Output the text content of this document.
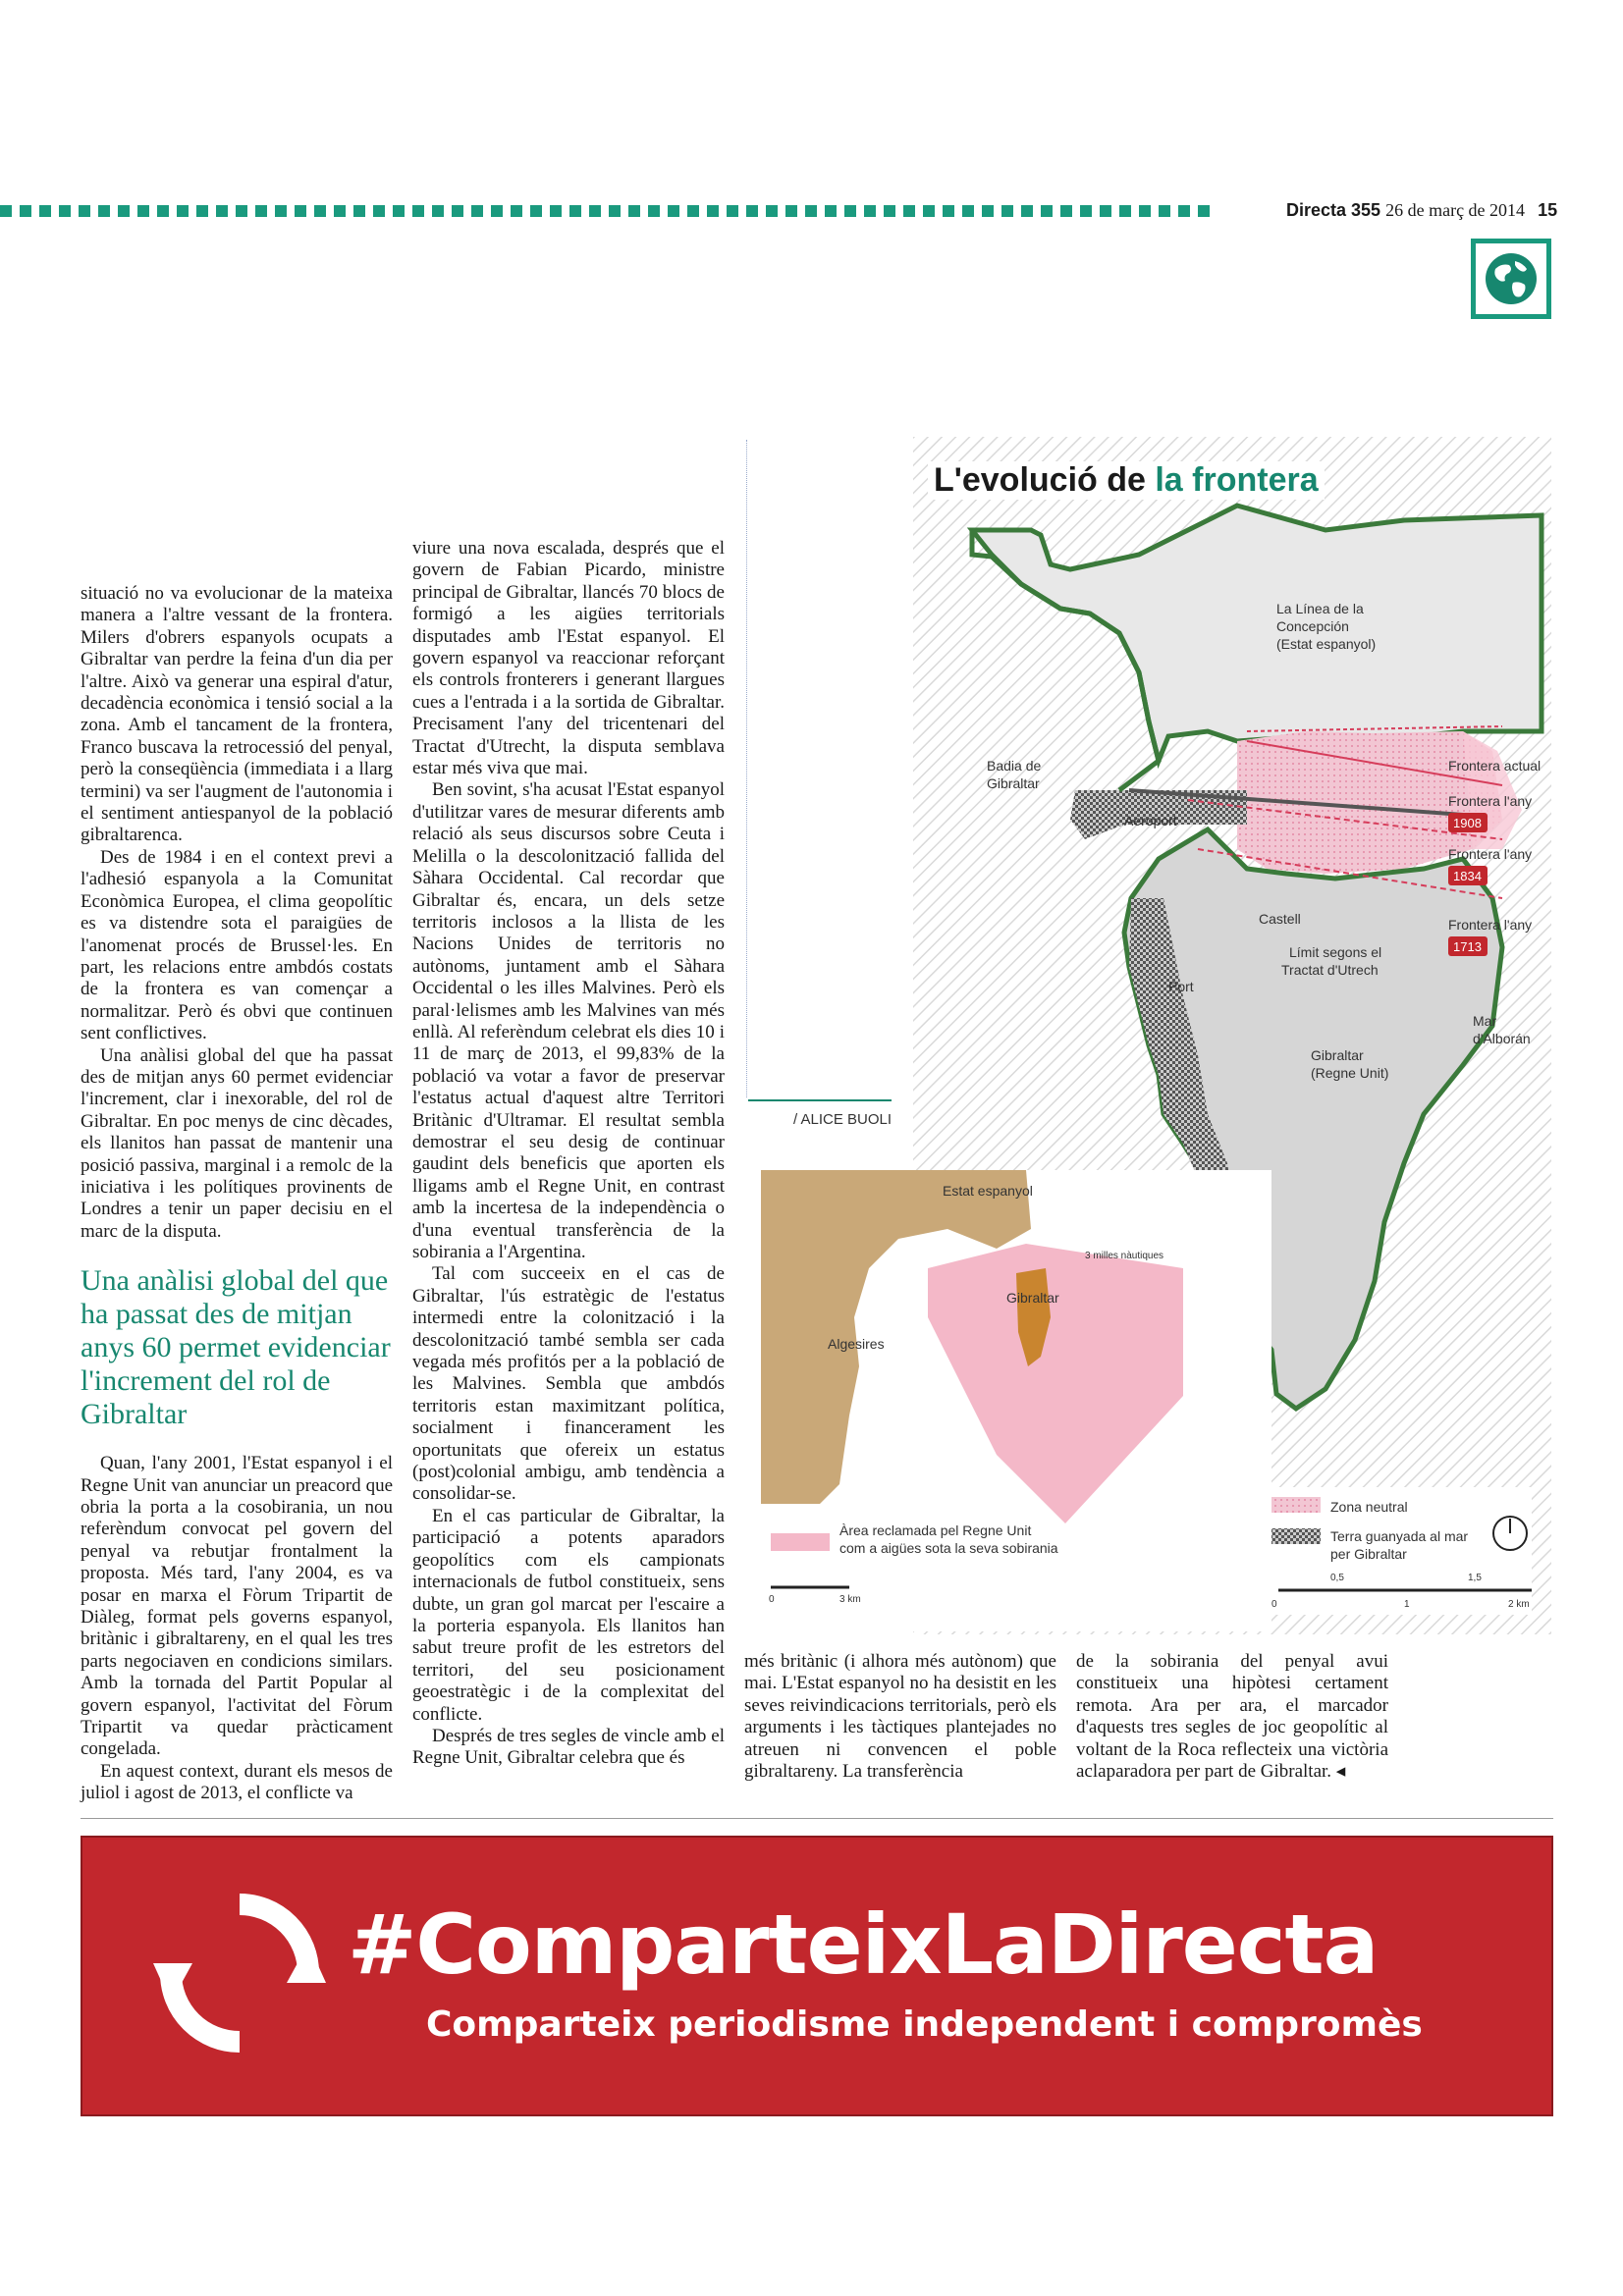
Directa 355 26 de març de 2014 15

situació no va evolucionar de la mateixa manera a l'altre vessant de la frontera. Milers d'obrers espanyols ocupats a Gibraltar van perdre la feina d'un dia per l'altre. Això va generar una espiral d'atur, decadència econòmica i tensió social a la zona. Amb el tancament de la frontera, Franco buscava la retrocessió del penyal, però la conseqüència (immediata i a llarg termini) va ser l'augment de l'autonomia i el sentiment antiespanyol de la població gibraltarenca.

Des de 1984 i en el context previ a l'adhesió espanyola a la Comunitat Econòmica Europea, el clima geopolític es va distendre sota el paraigües de l'anomenat procés de Brussel·les. En part, les relacions entre ambdós costats de la frontera es van començar a normalitzar. Però és obvi que continuen sent conflictives.

Una anàlisi global del que ha passat des de mitjan anys 60 permet evidenciar l'increment, clar i inexorable, del rol de Gibraltar. En poc menys de cinc dècades, els llanitos han passat de mantenir una posició passiva, marginal i a remolc de la iniciativa i les polítiques provinents de Londres a tenir un paper decisiu en el marc de la disputa.

Una anàlisi global del que ha passat des de mitjan anys 60 permet evidenciar l'increment del rol de Gibraltar

Quan, l'any 2001, l'Estat espanyol i el Regne Unit van anunciar un preacord que obria la porta a la cosobirania, un nou referèndum convocat pel govern del penyal va rebutjar frontalment la proposta. Més tard, l'any 2004, es va posar en marxa el Fòrum Tripartit de Diàleg, format pels governs espanyol, britànic i gibraltareny, en el qual les tres parts negociaven en condicions similars. Amb la tornada del Partit Popular al govern espanyol, l'activitat del Fòrum Tripartit va quedar pràcticament congelada.

En aquest context, durant els mesos de juliol i agost de 2013, el conflicte va

viure una nova escalada, després que el govern de Fabian Picardo, ministre principal de Gibraltar, llancés 70 blocs de formigó a les aigües territorials disputades amb l'Estat espanyol. El govern espanyol va reaccionar reforçant els controls fronterers i generant llargues cues a l'entrada i a la sortida de Gibraltar. Precisament l'any del tricentenari del Tractat d'Utrecht, la disputa semblava estar més viva que mai.

Ben sovint, s'ha acusat l'Estat espanyol d'utilitzar vares de mesurar diferents amb relació als seus discursos sobre Ceuta i Melilla o la descolonització fallida del Sàhara Occidental. Cal recordar que Gibraltar és, encara, un dels setze territoris inclosos a la llista de les Nacions Unides de territoris no autònoms, juntament amb el Sàhara Occidental o les illes Malvines. Però els paral·lelismes amb les Malvines van més enllà. Al referèndum celebrat els dies 10 i 11 de març de 2013, el 99,83% de la població va votar a favor de preservar l'estatus actual d'aquest altre Territori Britànic d'Ultramar. El resultat sembla demostrar el seu desig de continuar gaudint dels beneficis que aporten els lligams amb el Regne Unit, en contrast amb la incertesa de la independència o d'una eventual transferència de la sobirania a l'Argentina.

Tal com succeeix en el cas de Gibraltar, l'ús estratègic de l'estatus intermedi entre la colonització i la descolonització també sembla ser cada vegada més profitós per a la població de les Malvines. Sembla que ambdós territoris estan maximitzant política, socialment i financerament les oportunitats que ofereix un estatus (post)colonial ambigu, amb tendència a consolidar-se.

En el cas particular de Gibraltar, la participació a potents aparadors geopolítics com els campionats internacionals de futbol constitueix, sens dubte, un gran gol marcat per l'escaire a la porteria espanyola. Els llanitos han sabut treure profit de les estretors del territori, del seu posicionament geoestratègic i de la complexitat del conflicte.

Després de tres segles de vincle amb el Regne Unit, Gibraltar celebra que és

La Línea de la
Concepción
(Estat espanyol)
Badia de
Gibraltar
Aeroport
Castell
Límit segons el
Tractat d'Utrech
Port
Mar
d'Alborán
Gibraltar
(Regne Unit)
Frontera actual
Frontera l'any
1908
Frontera l'any
1834
Frontera l'any
1713
Zona neutral
Terra guanyada al mar
per Gibraltar
0
0,5
1
1,5
2 km
L'evolució de la frontera
/ ALICE BUOLI
Estat espanyol
3 milles nàutiques
Gibraltar
Algesires
Àrea reclamada pel Regne Unit
com a aigües sota la seva sobirania
0	3 km

més britànic (i alhora més autònom) que mai. L'Estat espanyol no ha desistit en les seves reivindicacions territorials, però els arguments i les tàctiques plantejades no atreuen ni convencen el poble gibraltareny. La transferència

de la sobirania del penyal avui constitueix una hipòtesi certament remota. Ara per ara, el marcador d'aquests tres segles de joc geopolític al voltant de la Roca reflecteix una victòria aclaparadora per part de Gibraltar. ◂

#ComparteixLaDirecta
Comparteix periodisme independent i compromès
